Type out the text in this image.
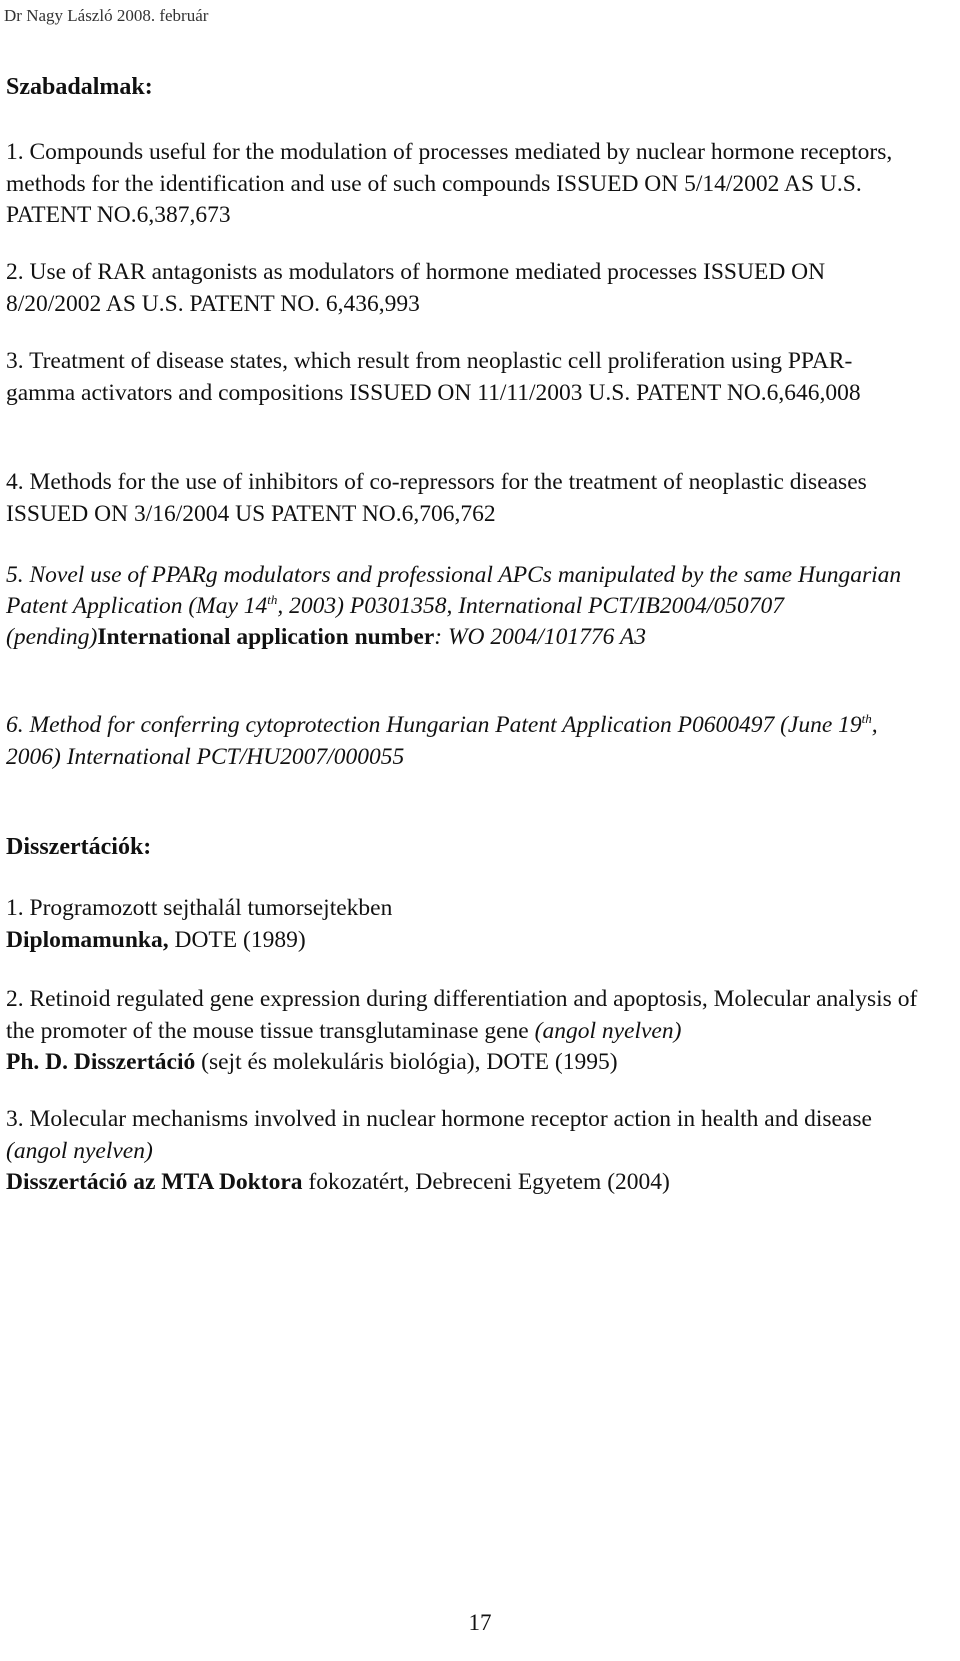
Dr Nagy László 2008. február
Szabadalmak:

1. Compounds useful for the modulation of processes mediated by nuclear hormone receptors, methods for the identification and use of such compounds ISSUED ON 5/14/2002 AS U.S. PATENT NO.6,387,673

2. Use of RAR antagonists as modulators of hormone mediated processes ISSUED ON 8/20/2002 AS U.S. PATENT NO. 6,436,993

3. Treatment of disease states, which result from neoplastic cell proliferation using PPAR-gamma activators and compositions ISSUED ON 11/11/2003 U.S. PATENT NO.6,646,008

4. Methods for the use of inhibitors of co-repressors for the treatment of neoplastic diseases ISSUED ON 3/16/2004 US PATENT NO.6,706,762

5. Novel use of PPARg modulators and professional APCs manipulated by the same Hungarian Patent Application (May 14th, 2003) P0301358, International PCT/IB2004/050707 (pending)International application number: WO 2004/101776 A3

6. Method for conferring cytoprotection Hungarian Patent Application P0600497 (June 19th, 2006) International PCT/HU2007/000055

Disszertációk:

1. Programozott sejthalál tumorsejtekben

Diplomamunka, DOTE (1989)

2. Retinoid regulated gene expression during differentiation and apoptosis, Molecular analysis of the promoter of the mouse tissue transglutaminase gene (angol nyelven)

Ph. D. Disszertáció (sejt és molekuláris biológia), DOTE (1995)

3. Molecular mechanisms involved in nuclear hormone receptor action in health and disease (angol nyelven)

Disszertáció az MTA Doktora fokozatért, Debreceni Egyetem (2004)

17
